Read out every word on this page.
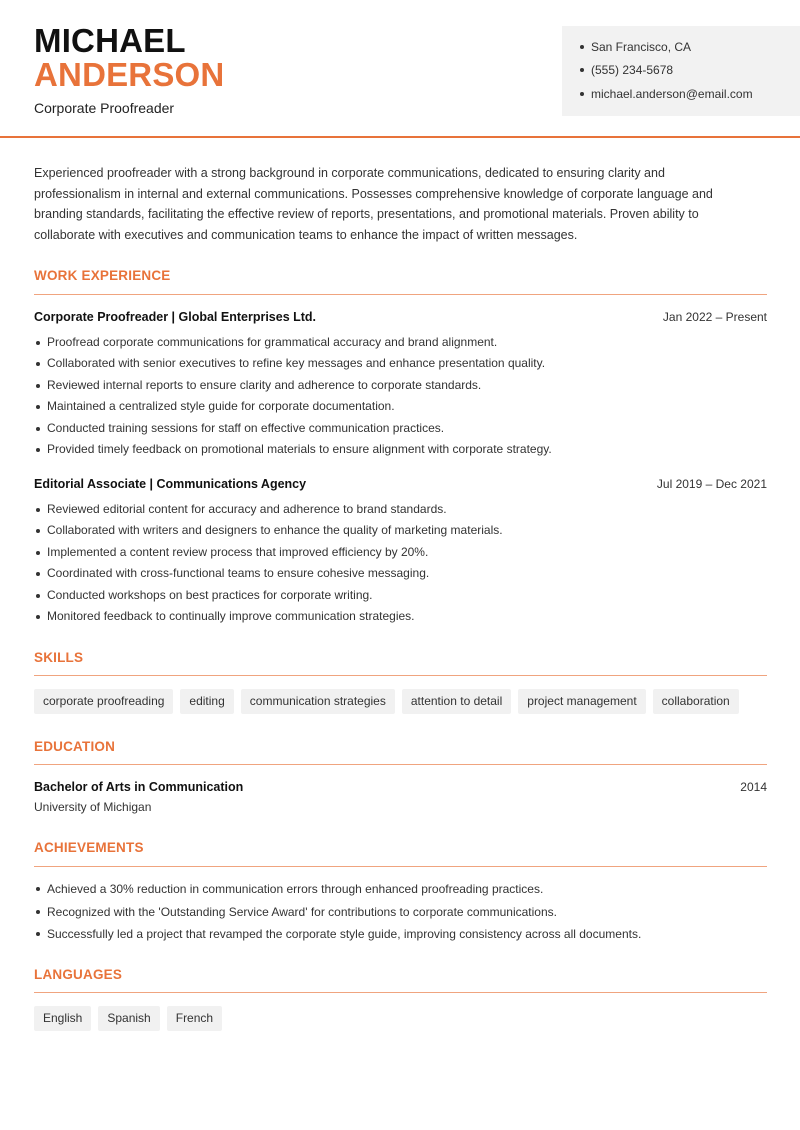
MICHAEL
ANDERSON
Corporate Proofreader
San Francisco, CA
(555) 234-5678
michael.anderson@email.com
Experienced proofreader with a strong background in corporate communications, dedicated to ensuring clarity and professionalism in internal and external communications. Possesses comprehensive knowledge of corporate language and branding standards, facilitating the effective review of reports, presentations, and promotional materials. Proven ability to collaborate with executives and communication teams to enhance the impact of written messages.
WORK EXPERIENCE
Corporate Proofreader | Global Enterprises Ltd.	Jan 2022 – Present
Proofread corporate communications for grammatical accuracy and brand alignment.
Collaborated with senior executives to refine key messages and enhance presentation quality.
Reviewed internal reports to ensure clarity and adherence to corporate standards.
Maintained a centralized style guide for corporate documentation.
Conducted training sessions for staff on effective communication practices.
Provided timely feedback on promotional materials to ensure alignment with corporate strategy.
Editorial Associate | Communications Agency	Jul 2019 – Dec 2021
Reviewed editorial content for accuracy and adherence to brand standards.
Collaborated with writers and designers to enhance the quality of marketing materials.
Implemented a content review process that improved efficiency by 20%.
Coordinated with cross-functional teams to ensure cohesive messaging.
Conducted workshops on best practices for corporate writing.
Monitored feedback to continually improve communication strategies.
SKILLS
corporate proofreading	editing	communication strategies	attention to detail	project management	collaboration
EDUCATION
Bachelor of Arts in Communication	2014
University of Michigan
ACHIEVEMENTS
Achieved a 30% reduction in communication errors through enhanced proofreading practices.
Recognized with the 'Outstanding Service Award' for contributions to corporate communications.
Successfully led a project that revamped the corporate style guide, improving consistency across all documents.
LANGUAGES
English	Spanish	French
